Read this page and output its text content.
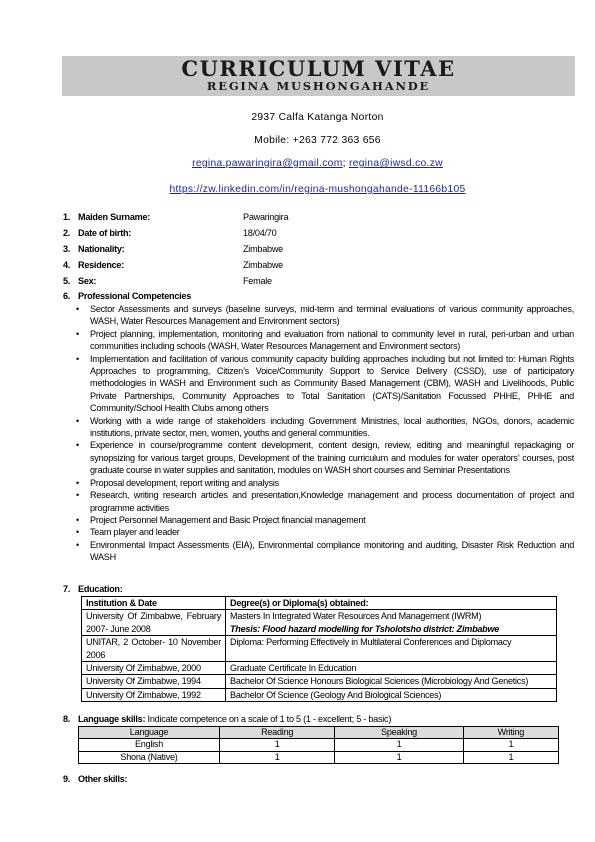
CURRICULUM VITAE
REGINA MUSHONGAHANDE
2937 Calfa Katanga Norton
Mobile: +263 772 363 656
regina.pawaringira@gmail.com; regina@iwsd.co.zw
https://zw.linkedin.com/in/regina-mushongahande-11166b105
1. Maiden Surname:	Pawaringira
2. Date of birth:	18/04/70
3. Nationality:	Zimbabwe
4. Residence:	Zimbabwe
5. Sex:	Female
6. Professional Competencies
• Sector Assessments and surveys (baseline surveys, mid-term and terminal evaluations of various community approaches, WASH, Water Resources Management and Environment sectors)
• Project planning, implementation, monitoring and evaluation from national to community level in rural, peri-urban and urban communities including schools (WASH, Water Resources Management and Environment sectors)
• Implementation and facilitation of various community capacity building approaches including but not limited to: Human Rights Approaches to programming, Citizen’s Voice/Community Support to Service Delivery (CSSD), use of participatory methodologies in WASH and Environment such as Community Based Management (CBM), WASH and Livelihoods, Public Private Partnerships, Community Approaches to Total Sanitation (CATS)/Sanitation Focussed PHHE, PHHE and Community/School Health Clubs among others
• Working with a wide range of stakeholders including Government Ministries, local authorities, NGOs, donors, academic institutions, private sector, men, women, youths and general communities.
• Experience in course/programme content development, content design, review, editing and meaningful repackaging or synopsizing for various target groups, Development of the training curriculum and modules for water operators’ courses, post graduate course in water supplies and sanitation, modules on WASH short courses and Seminar Presentations
• Proposal development, report writing and analysis
• Research, writing research articles and presentation,Knowledge management and process documentation of project and programme activities
• Project Personnel Management and Basic Project financial management
• Team player and leader
• Environmental Impact Assessments (EIA), Environmental compliance monitoring and auditing, Disaster Risk Reduction and WASH
7. Education:
Institution & Date	Degree(s) or Diploma(s) obtained:
University Of Zimbabwe, February 2007- June 2008	Masters In Integrated Water Resources And Management (IWRM)
Thesis: Flood hazard modelling for Tsholotsho district: Zimbabwe

UNITAR, 2 October- 10 November 2006	Diploma: Performing Effectively in Multilateral Conferences and Diplomacy
University Of Zimbabwe, 2000	Graduate Certificate In Education
University Of Zimbabwe, 1994	Bachelor Of Science Honours Biological Sciences (Microbiology And Genetics)
University Of Zimbabwe, 1992	Bachelor Of Science (Geology And Biological Sciences)
8. Language skills: Indicate competence on a scale of 1 to 5 (1 - excellent; 5 - basic)
Language	Reading	Speaking	Writing
English	1	1	1
Shona (Native)	1	1	1
9. Other skills:
